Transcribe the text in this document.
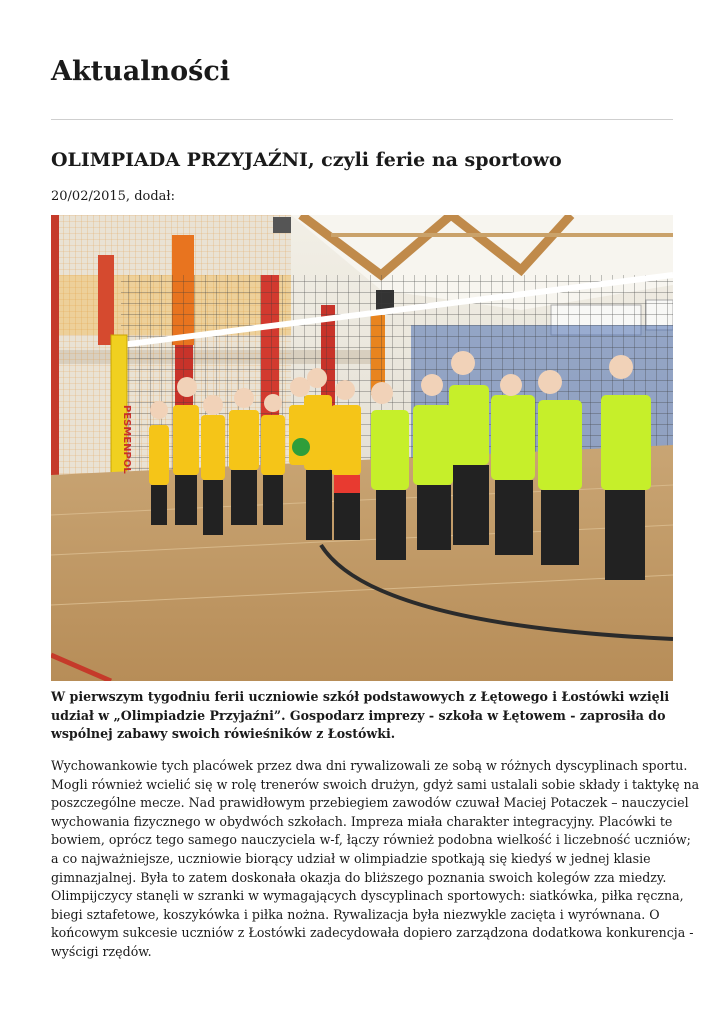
Aktualności
OLIMPIADA PRZYJAŹNI, czyli ferie na sportowo
20/02/2015, dodał:
PESMENPOL

W pierwszym tygodniu ferii uczniowie szkół podstawowych z Łętowego i Łostówki wzięli
udział w „Olimpiadzie Przyjaźni”. Gospodarz imprezy - szkoła w Łętowem - zaprosiła do
wspólnej zabawy swoich rówieśników z Łostówki.

Wychowankowie tych placówek przez dwa dni rywalizowali ze sobą w różnych dyscyplinach sportu.
Mogli również wcielić się w rolę trenerów swoich drużyn, gdyż sami ustalali sobie składy i taktykę na
poszczególne mecze. Nad prawidłowym przebiegiem zawodów czuwał Maciej Potaczek – nauczyciel
wychowania fizycznego w obydwóch szkołach. Impreza miała charakter integracyjny. Placówki te
bowiem, oprócz tego samego nauczyciela w-f, łączy również podobna wielkość i liczebność uczniów;
a co najważniejsze, uczniowie biorący udział w olimpiadzie spotkają się kiedyś w jednej klasie
gimnazjalnej. Była to zatem doskonała okazja do bliższego poznania swoich kolegów zza miedzy.
Olimpijczycy stanęli w szranki w wymagających dyscyplinach sportowych: siatkówka, piłka ręczna,
biegi sztafetowe, koszykówka i piłka nożna. Rywalizacja była niezwykle zacięta i wyrównana. O
końcowym sukcesie uczniów z Łostówki zadecydowała dopiero zarządzona dodatkowa konkurencja -
wyścigi rzędów.
